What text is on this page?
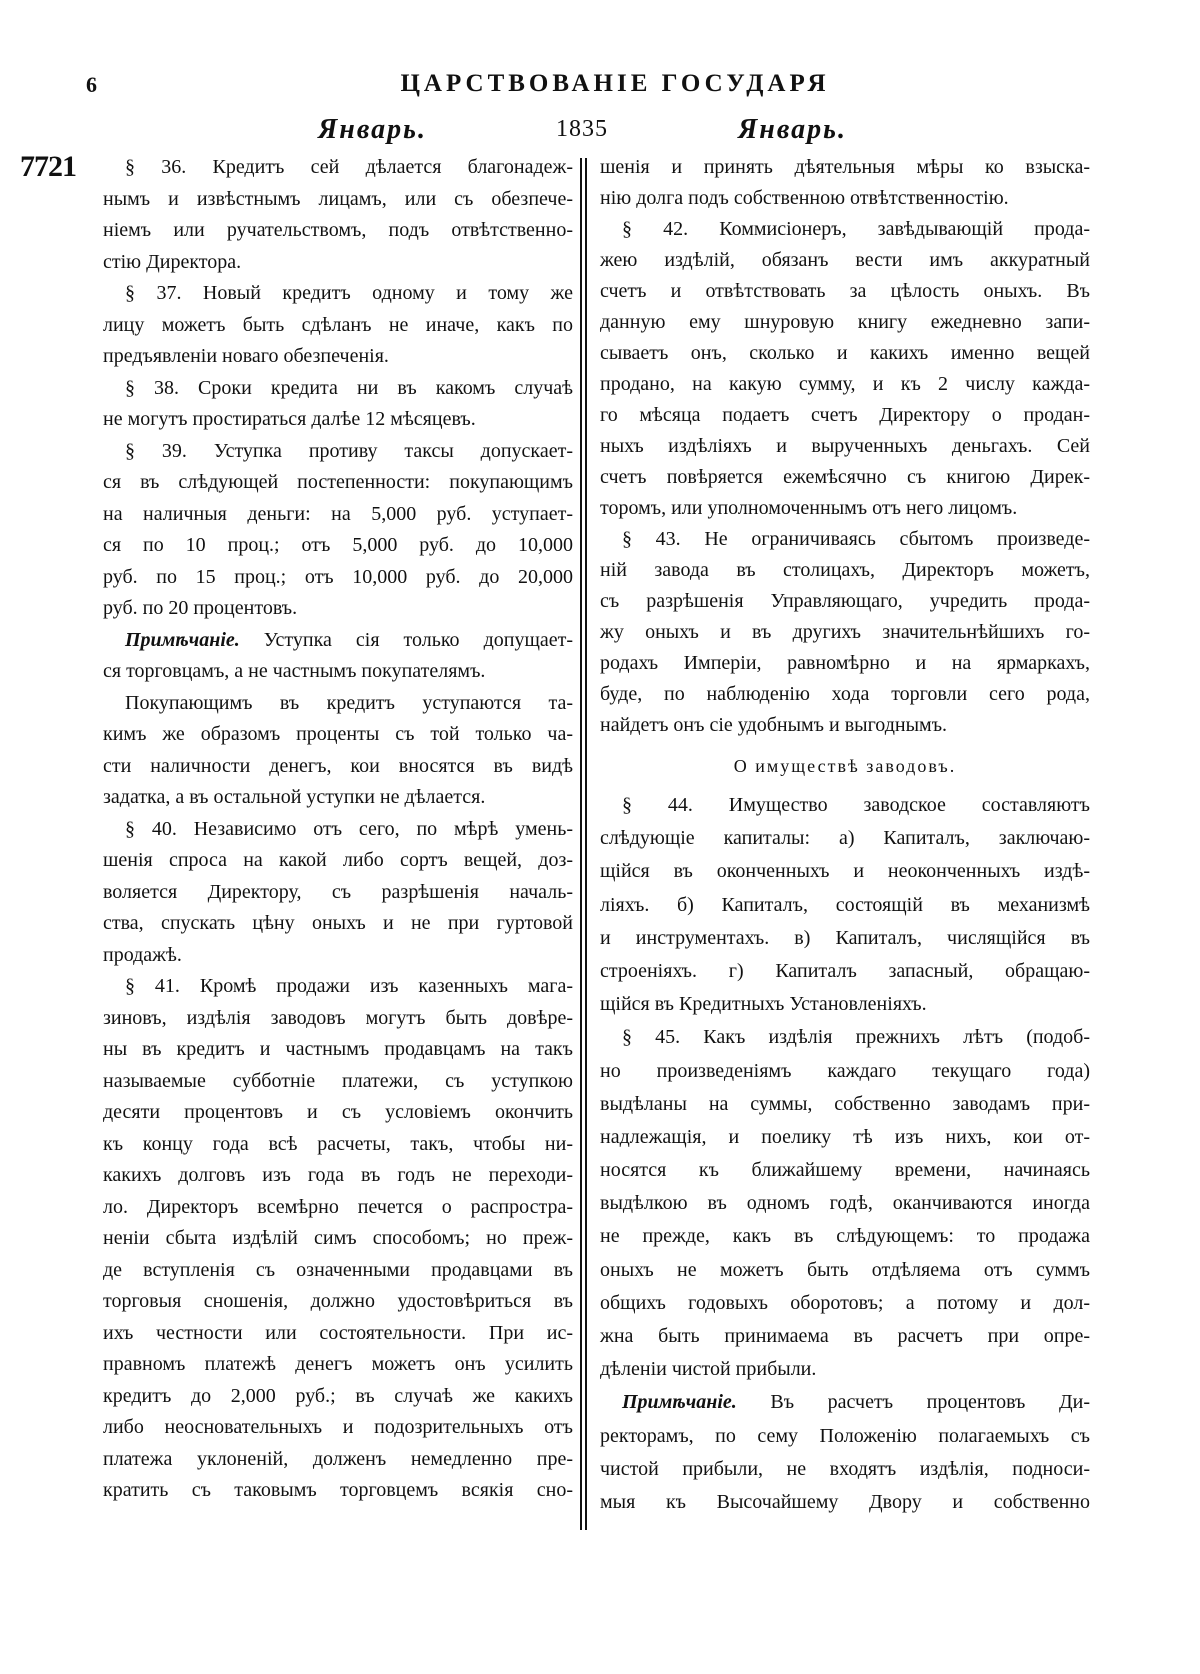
6	ЦАРСТВОВАНІЕ ГОСУДАРЯ
Январь.	1835	Январь.
7721	§ 36. Кредитъ сей дѣлается благонадеж-
нымъ и извѣстнымъ лицамъ, или съ обезпече-
ніемъ или ручательствомъ, подъ отвѣтственно-
стію Директора.
§ 37. Новый кредитъ одному и тому же
лицу можетъ быть сдѣланъ не иначе, какъ по
предъявленіи новаго обезпеченія.
§ 38. Сроки кредита ни въ какомъ случаѣ
не могутъ простираться далѣе 12 мѣсяцевъ.
§ 39. Уступка противу таксы допускает-
ся въ слѣдующей постепенности: покупающимъ
на наличныя деньги: на 5,000 руб. уступает-
ся по 10 проц.; отъ 5,000 руб. до 10,000
руб. по 15 проц.; отъ 10,000 руб. до 20,000
руб. по 20 процентовъ.
Примѣчаніе. Уступка сія только допущает-
ся торговцамъ, а не частнымъ покупателямъ.
Покупающимъ въ кредитъ уступаются та-
кимъ же образомъ проценты съ той только ча-
сти наличности денегъ, кои вносятся въ видѣ
задатка, а въ остальной уступки не дѣлается.
§ 40. Независимо отъ сего, по мѣрѣ умень-
шенія спроса на какой либо сортъ вещей, доз-
воляется Директору, съ разрѣшенія началь-
ства, спускать цѣну оныхъ и не при гуртовой
продажѣ.
§ 41. Кромѣ продажи изъ казенныхъ мага-
зиновъ, издѣлія заводовъ могутъ быть довѣре-
ны въ кредитъ и частнымъ продавцамъ на такъ
называемые субботніе платежи, съ уступкою
десяти процентовъ и съ условіемъ окончить
къ концу года всѣ расчеты, такъ, чтобы ни-
какихъ долговъ изъ года въ годъ не переходи-
ло. Директоръ всемѣрно печется о распростра-
неніи сбыта издѣлій симъ способомъ; но преж-
де вступленія съ означенными продавцами въ
торговыя сношенія, должно удостовѣриться въ
ихъ честности или состоятельности. При ис-
правномъ платежѣ денегъ можетъ онъ усилить
кредитъ до 2,000 руб.; въ случаѣ же какихъ
либо неосновательныхъ и подозрительныхъ отъ
платежа уклоненій, долженъ немедленно пре-
кратить съ таковымъ торговцемъ всякія сно-
шенія и принять дѣятельныя мѣры ко взыска-
нію долга подъ собственною отвѣтственностію.
§ 42. Коммисіонеръ, завѣдывающій прода-
жею издѣлій, обязанъ вести имъ аккуратный
счетъ и отвѣтствовать за цѣлость оныхъ. Въ
данную ему шнуровую книгу ежедневно запи-
сываетъ онъ, сколько и какихъ именно вещей
продано, на какую сумму, и къ 2 числу кажда-
го мѣсяца подаетъ счетъ Директору о продан-
ныхъ издѣліяхъ и вырученныхъ деньгахъ. Сей
счетъ повѣряется ежемѣсячно съ книгою Дирек-
торомъ, или уполномоченнымъ отъ него лицомъ.
§ 43. Не ограничиваясь сбытомъ произведе-
ній завода въ столицахъ, Директоръ можетъ,
съ разрѣшенія Управляющаго, учредить прода-
жу оныхъ и въ другихъ значительнѣйшихъ го-
родахъ Имперіи, равномѣрно и на ярмаркахъ,
буде, по наблюденію хода торговли сего рода,
найдетъ онъ сіе удобнымъ и выгоднымъ.
О имуществѣ заводовъ.
§ 44. Имущество заводское составляютъ
слѣдующіе капиталы: а) Капиталъ, заключаю-
щійся въ оконченныхъ и неоконченныхъ издѣ-
ліяхъ. б) Капиталъ, состоящій въ механизмѣ
и инструментахъ. в) Капиталъ, числящійся въ
строеніяхъ. г) Капиталъ запасный, обращаю-
щійся въ Кредитныхъ Установленіяхъ.
§ 45. Какъ издѣлія прежнихъ лѣтъ (подоб-
но произведеніямъ каждаго текущаго года)
выдѣланы на суммы, собственно заводамъ при-
надлежащія, и поелику тѣ изъ нихъ, кои от-
носятся къ ближайшему времени, начинаясь
выдѣлкою въ одномъ годѣ, оканчиваются иногда
не прежде, какъ въ слѣдующемъ: то продажа
оныхъ не можетъ быть отдѣляема отъ суммъ
общихъ годовыхъ оборотовъ; а потому и дол-
жна быть принимаема въ расчетъ при опре-
дѣленіи чистой прибыли.
Примѣчаніе. Въ расчетъ процентовъ Ди-
ректорамъ, по сему Положенію полагаемыхъ съ
чистой прибыли, не входятъ издѣлія, подноси-
мыя къ Высочайшему Двору и собственно
